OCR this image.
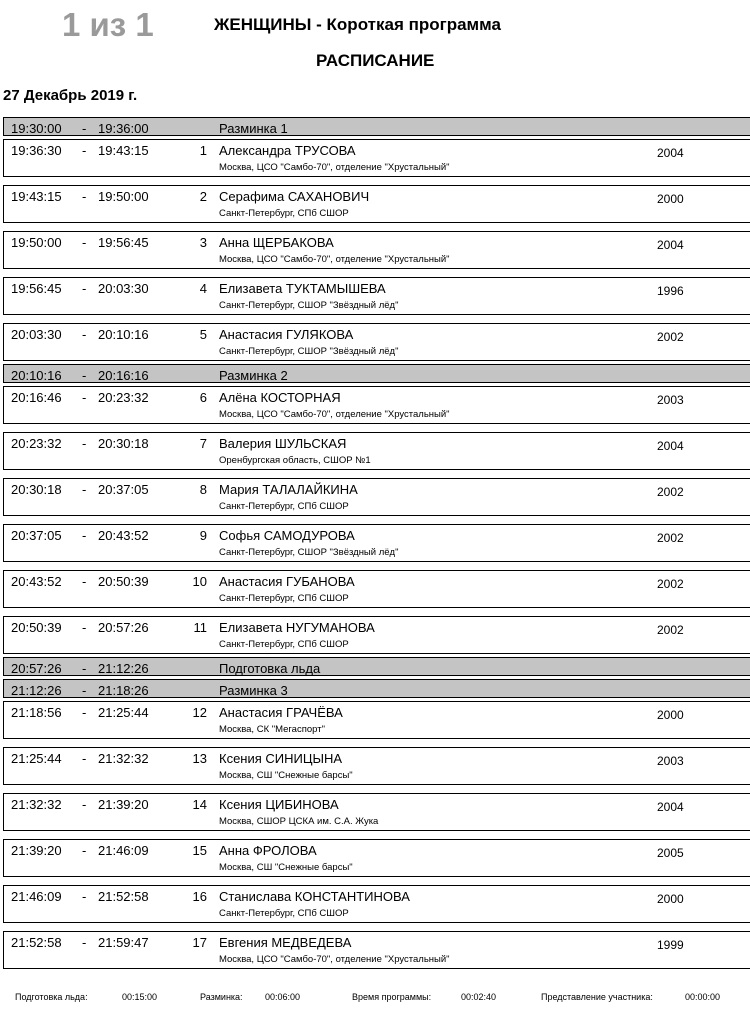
1 из 1	ЖЕНЩИНЫ - Короткая программа
РАСПИСАНИЕ
27 Декабрь 2019 г.
19:30:00 - 19:36:00	Разминка 1
19:36:30 - 19:43:15	1 Александра ТРУСОВА
Москва, ЦСО "Самбо-70", отделение "Хрустальный"
2004
19:43:15 - 19:50:00	2 Серафима САХАНОВИЧ
Санкт-Петербург, СПб СШОР
2000
19:50:00 - 19:56:45	3 Анна ЩЕРБАКОВА
Москва, ЦСО "Самбо-70", отделение "Хрустальный"
2004
19:56:45 - 20:03:30	4 Елизавета ТУКТАМЫШЕВА
Санкт-Петербург, СШОР "Звёздный лёд"
1996
20:03:30 - 20:10:16	5 Анастасия ГУЛЯКОВА
Санкт-Петербург, СШОР "Звёздный лёд"
2002
20:10:16 - 20:16:16	Разминка 2
20:16:46 - 20:23:32	6 Алёна КОСТОРНАЯ
Москва, ЦСО "Самбо-70", отделение "Хрустальный"
2003
20:23:32 - 20:30:18	7 Валерия ШУЛЬСКАЯ
Оренбургская область, СШОР №1
2004
20:30:18 - 20:37:05	8 Мария ТАЛАЛАЙКИНА
Санкт-Петербург, СПб СШОР
2002
20:37:05 - 20:43:52	9 Софья САМОДУРОВА
Санкт-Петербург, СШОР "Звёздный лёд"
2002
20:43:52 - 20:50:39	10 Анастасия ГУБАНОВА
Санкт-Петербург, СПб СШОР
2002
20:50:39 - 20:57:26	11 Елизавета НУГУМАНОВА
Санкт-Петербург, СПб СШОР
2002
20:57:26 - 21:12:26	Подготовка льда
21:12:26 - 21:18:26	Разминка 3
21:18:56 - 21:25:44	12 Анастасия ГРАЧЁВА
Москва, СК "Мегаспорт"
2000
21:25:44 - 21:32:32	13 Ксения СИНИЦЫНА
Москва, СШ "Снежные барсы"
2003
21:32:32 - 21:39:20	14 Ксения ЦИБИНОВА
Москва, СШОР ЦСКА им. С.А. Жука
2004
21:39:20 - 21:46:09	15 Анна ФРОЛОВА
Москва, СШ "Снежные барсы"
2005
21:46:09 - 21:52:58	16 Станислава КОНСТАНТИНОВА
Санкт-Петербург, СПб СШОР
2000
21:52:58 - 21:59:47	17 Евгения МЕДВЕДЕВА
Москва, ЦСО "Самбо-70", отделение "Хрустальный"
1999
Подготовка льда:	00:15:00	Разминка: 00:06:00	Время программы:	00:02:40	Представление участника:	00:00:00
